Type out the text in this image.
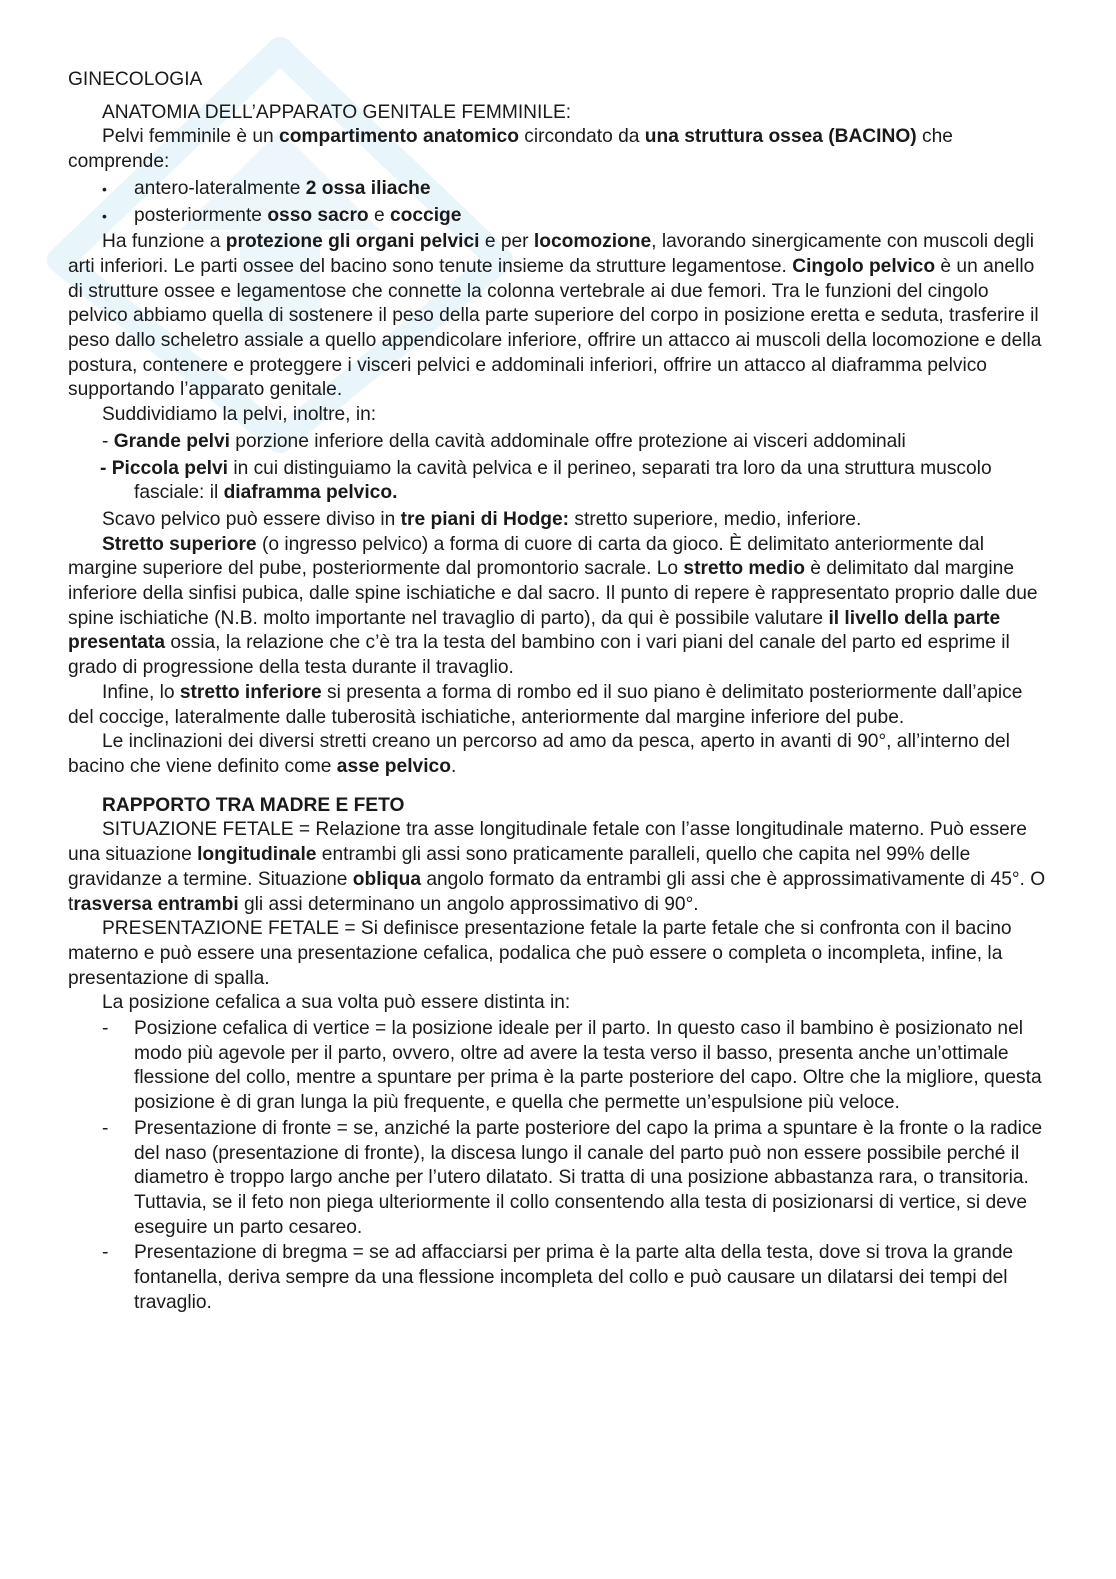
GINECOLOGIA

ANATOMIA DELL’APPARATO GENITALE FEMMINILE:

Pelvi femminile è un compartimento anatomico circondato da una struttura ossea (BACINO) che comprende:

• antero-lateralmente 2 ossa iliache
• posteriormente osso sacro e coccige

Ha funzione a protezione gli organi pelvici e per locomozione, lavorando sinergicamente con muscoli degli arti inferiori. Le parti ossee del bacino sono tenute insieme da strutture legamentose. Cingolo pelvico è un anello di strutture ossee e legamentose che connette la colonna vertebrale ai due femori. Tra le funzioni del cingolo pelvico abbiamo quella di sostenere il peso della parte superiore del corpo in posizione eretta e seduta, trasferire il peso dallo scheletro assiale a quello appendicolare inferiore, offrire un attacco ai muscoli della locomozione e della postura, contenere e proteggere i visceri pelvici e addominali inferiori, offrire un attacco al diaframma pelvico supportando l’apparato genitale.

Suddividiamo la pelvi, inoltre, in:

- Grande pelvi porzione inferiore della cavità addominale offre protezione ai visceri addominali

- Piccola pelvi in cui distinguiamo la cavità pelvica e il perineo, separati tra loro da una struttura muscolo fasciale: il diaframma pelvico.

Scavo pelvico può essere diviso in tre piani di Hodge: stretto superiore, medio, inferiore.

Stretto superiore (o ingresso pelvico) a forma di cuore di carta da gioco. È delimitato anteriormente dal margine superiore del pube, posteriormente dal promontorio sacrale. Lo stretto medio è delimitato dal margine inferiore della sinfisi pubica, dalle spine ischiatiche e dal sacro. Il punto di repere è rappresentato proprio dalle due spine ischiatiche (N.B. molto importante nel travaglio di parto), da qui è possibile valutare il livello della parte presentata ossia, la relazione che c’è tra la testa del bambino con i vari piani del canale del parto ed esprime il grado di progressione della testa durante il travaglio.

Infine, lo stretto inferiore si presenta a forma di rombo ed il suo piano è delimitato posteriormente dall’apice del coccige, lateralmente dalle tuberosità ischiatiche, anteriormente dal margine inferiore del pube.

Le inclinazioni dei diversi stretti creano un percorso ad amo da pesca, aperto in avanti di 90°, all’interno del bacino che viene definito come asse pelvico.

RAPPORTO TRA MADRE E FETO

SITUAZIONE FETALE = Relazione tra asse longitudinale fetale con l’asse longitudinale materno. Può essere una situazione longitudinale entrambi gli assi sono praticamente paralleli, quello che capita nel 99% delle gravidanze a termine. Situazione obliqua angolo formato da entrambi gli assi che è approssimativamente di 45°. O trasversa entrambi gli assi determinano un angolo approssimativo di 90°.

PRESENTAZIONE FETALE = Si definisce presentazione fetale la parte fetale che si confronta con il bacino materno e può essere una presentazione cefalica, podalica che può essere o completa o incompleta, infine, la presentazione di spalla.

La posizione cefalica a sua volta può essere distinta in:

- Posizione cefalica di vertice = la posizione ideale per il parto. In questo caso il bambino è posizionato nel modo più agevole per il parto, ovvero, oltre ad avere la testa verso il basso, presenta anche un’ottimale flessione del collo, mentre a spuntare per prima è la parte posteriore del capo. Oltre che la migliore, questa posizione è di gran lunga la più frequente, e quella che permette un’espulsione più veloce.
- Presentazione di fronte = se, anziché la parte posteriore del capo la prima a spuntare è la fronte o la radice del naso (presentazione di fronte), la discesa lungo il canale del parto può non essere possibile perché il diametro è troppo largo anche per l’utero dilatato. Si tratta di una posizione abbastanza rara, o transitoria. Tuttavia, se il feto non piega ulteriormente il collo consentendo alla testa di posizionarsi di vertice, si deve eseguire un parto cesareo.
- Presentazione di bregma = se ad affacciarsi per prima è la parte alta della testa, dove si trova la grande fontanella, deriva sempre da una flessione incompleta del collo e può causare un dilatarsi dei tempi del travaglio.
